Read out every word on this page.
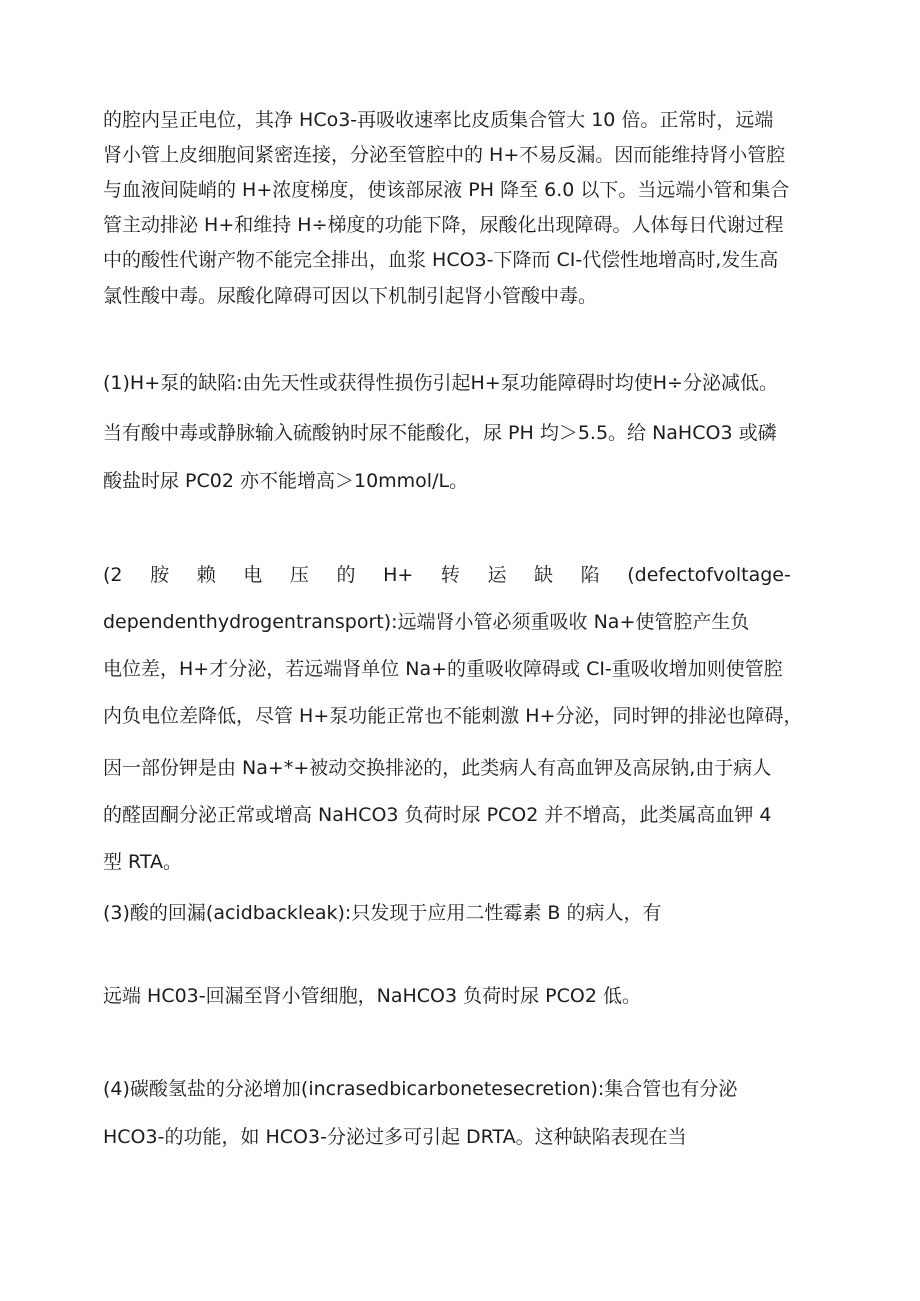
的腔内呈正电位，其净 HCo3-再吸收速率比皮质集合管大 10 倍。正常时，远端
肾小管上皮细胞间紧密连接，分泌至管腔中的 H+不易反漏。因而能维持肾小管腔
与血液间陡峭的 H+浓度梯度，使该部尿液 PH 降至 6.0 以下。当远端小管和集合
管主动排泌 H+和维持 H÷梯度的功能下降，尿酸化出现障碍。人体每日代谢过程
中的酸性代谢产物不能完全排出，血浆 HCO3-下降而 CI-代偿性地增高时,发生高
氯性酸中毒。尿酸化障碍可因以下机制引起肾小管酸中毒。
(1)H+泵的缺陷:由先天性或获得性损伤引起H+泵功能障碍时均使H÷分泌减低。
当有酸中毒或静脉输入硫酸钠时尿不能酸化，尿 PH 均＞5.5。给 NaHCO3 或磷
酸盐时尿 PC02 亦不能增高＞10mmol/L。
(2 胺 赖 电 压 的 H+ 转 运 缺 陷 (defectofvoltage-
dependenthydrogentransport):远端肾小管必须重吸收 Na+使管腔产生负
电位差，H+才分泌，若远端肾单位 Na+的重吸收障碍或 CI-重吸收增加则使管腔
内负电位差降低，尽管 H+泵功能正常也不能刺激 H+分泌，同时钾的排泌也障碍，
因一部份钾是由 Na+*+被动交换排泌的，此类病人有高血钾及高尿钠,由于病人
的醛固酮分泌正常或增高 NaHCO3 负荷时尿 PCO2 并不增高，此类属高血钾 4
型 RTA。
(3)酸的回漏(acidbackleak):只发现于应用二性霉素 B 的病人，有
远端 HC03-回漏至肾小管细胞，NaHCO3 负荷时尿 PCO2 低。
(4)碳酸氢盐的分泌增加(incrasedbicarbonetesecretion):集合管也有分泌
HCO3-的功能，如 HCO3-分泌过多可引起 DRTA。这种缺陷表现在当
